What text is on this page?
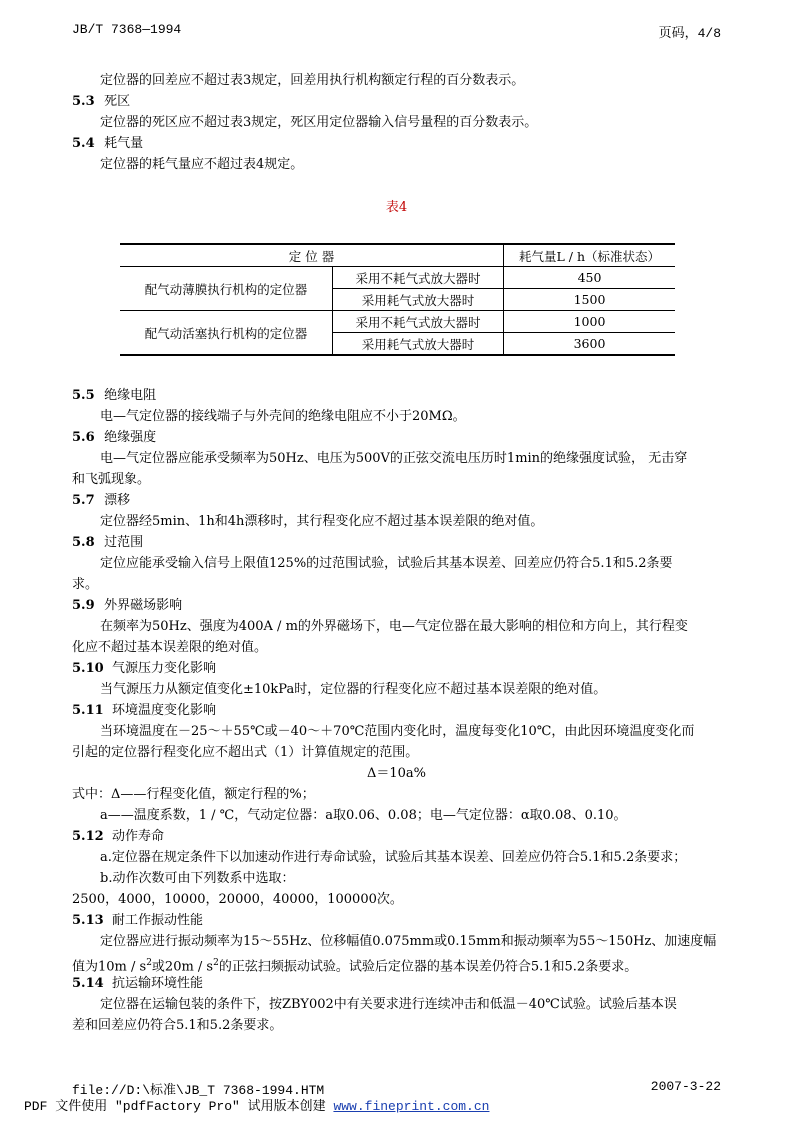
JB/T 7368—1994	页码，4/8
定位器的回差应不超过表3规定，回差用执行机构额定行程的百分数表示。
5.3 死区
定位器的死区应不超过表3规定，死区用定位器输入信号量程的百分数表示。
5.4 耗气量
定位器的耗气量应不超过表4规定。
表4
定 位 器		耗气量L / h（标准状态）
配气动薄膜执行机构的定位器	采用不耗气式放大器时	450
	采用耗气式放大器时	1500
配气动活塞执行机构的定位器	采用不耗气式放大器时	1000
	采用耗气式放大器时	3600
5.5 绝缘电阻
电—气定位器的接线端子与外壳间的绝缘电阻应不小于20MΩ。
5.6 绝缘强度
电—气定位器应能承受频率为50Hz、电压为500V的正弦交流电压历时1min的绝缘强度试验， 无击穿
和飞弧现象。
5.7 漂移
定位器经5min、1h和4h漂移时，其行程变化应不超过基本误差限的绝对值。
5.8 过范围
定位应能承受输入信号上限值125%的过范围试验，试验后其基本误差、回差应仍符合5.1和5.2条要
求。
5.9 外界磁场影响
在频率为50Hz、强度为400A / m的外界磁场下，电—气定位器在最大影响的相位和方向上，其行程变
化应不超过基本误差限的绝对值。
5.10 气源压力变化影响
当气源压力从额定值变化±10kPa时，定位器的行程变化应不超过基本误差限的绝对值。
5.11 环境温度变化影响
当环境温度在－25～＋55℃或－40～＋70℃范围内变化时，温度每变化10℃，由此因环境温度变化而
引起的定位器行程变化应不超出式（1）计算值规定的范围。
Δ＝10a%
式中：Δ——行程变化值，额定行程的%；
a——温度系数，1 / ℃，气动定位器：a取0.06、0.08；电—气定位器：α取0.08、0.10。
5.12 动作寿命
a.定位器在规定条件下以加速动作进行寿命试验，试验后其基本误差、回差应仍符合5.1和5.2条要求；
b.动作次数可由下列数系中选取：
2500，4000，10000，20000，40000，100000次。
5.13 耐工作振动性能
定位器应进行振动频率为15～55Hz、位移幅值0.075mm或0.15mm和振动频率为55～150Hz、加速度幅
值为$10m / s^2$或$20m / s^2$的正弦扫频振动试验。试验后定位器的基本误差仍符合5.1和5.2条要求。
5.14 抗运输环境性能
定位器在运输包装的条件下，按ZBY002中有关要求进行连续冲击和低温－40℃试验。试验后基本误
差和回差应仍符合5.1和5.2条要求。
file://D:\标准\JB_T 7368-1994.HTM	2007-3-22
PDF 文件使用 "pdfFactory Pro" 试用版本创建 www.fineprint.com.cn
